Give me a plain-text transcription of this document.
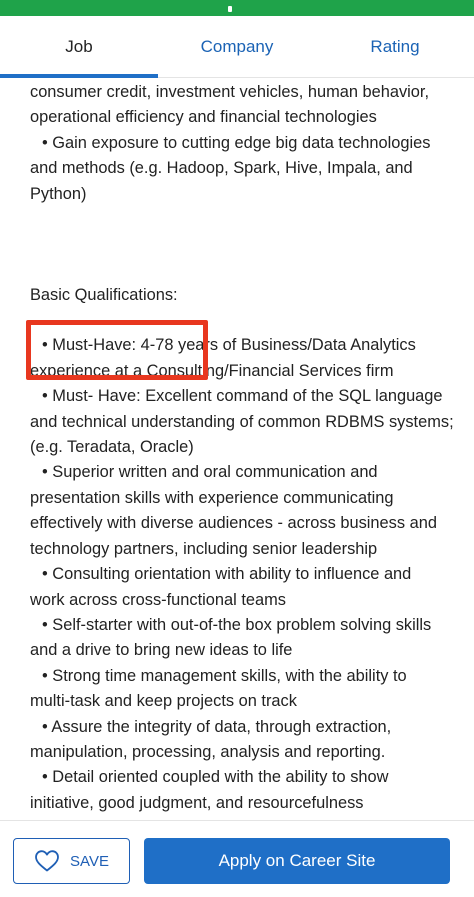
Job	Company	Rating
consumer credit, investment vehicles, human behavior,
operational efficiency and financial technologies
• Gain exposure to cutting edge big data technologies
and methods (e.g. Hadoop, Spark, Hive, Impala, and
Python)
Basic Qualifications:
• Must-Have: 4-78 years of Business/Data Analytics
experience at a Consulting/Financial Services firm
• Must- Have: Excellent command of the SQL language
and technical understanding of common RDBMS systems;
(e.g. Teradata, Oracle)
• Superior written and oral communication and
presentation skills with experience communicating
effectively with diverse audiences - across business and
technology partners, including senior leadership
• Consulting orientation with ability to influence and
work across cross-functional teams
• Self-starter with out-of-the box problem solving skills
and a drive to bring new ideas to life
• Strong time management skills, with the ability to
multi-task and keep projects on track
• Assure the integrity of data, through extraction,
manipulation, processing, analysis and reporting.
• Detail oriented coupled with the ability to show
initiative, good judgment, and resourcefulness
SAVE	Apply on Career Site
